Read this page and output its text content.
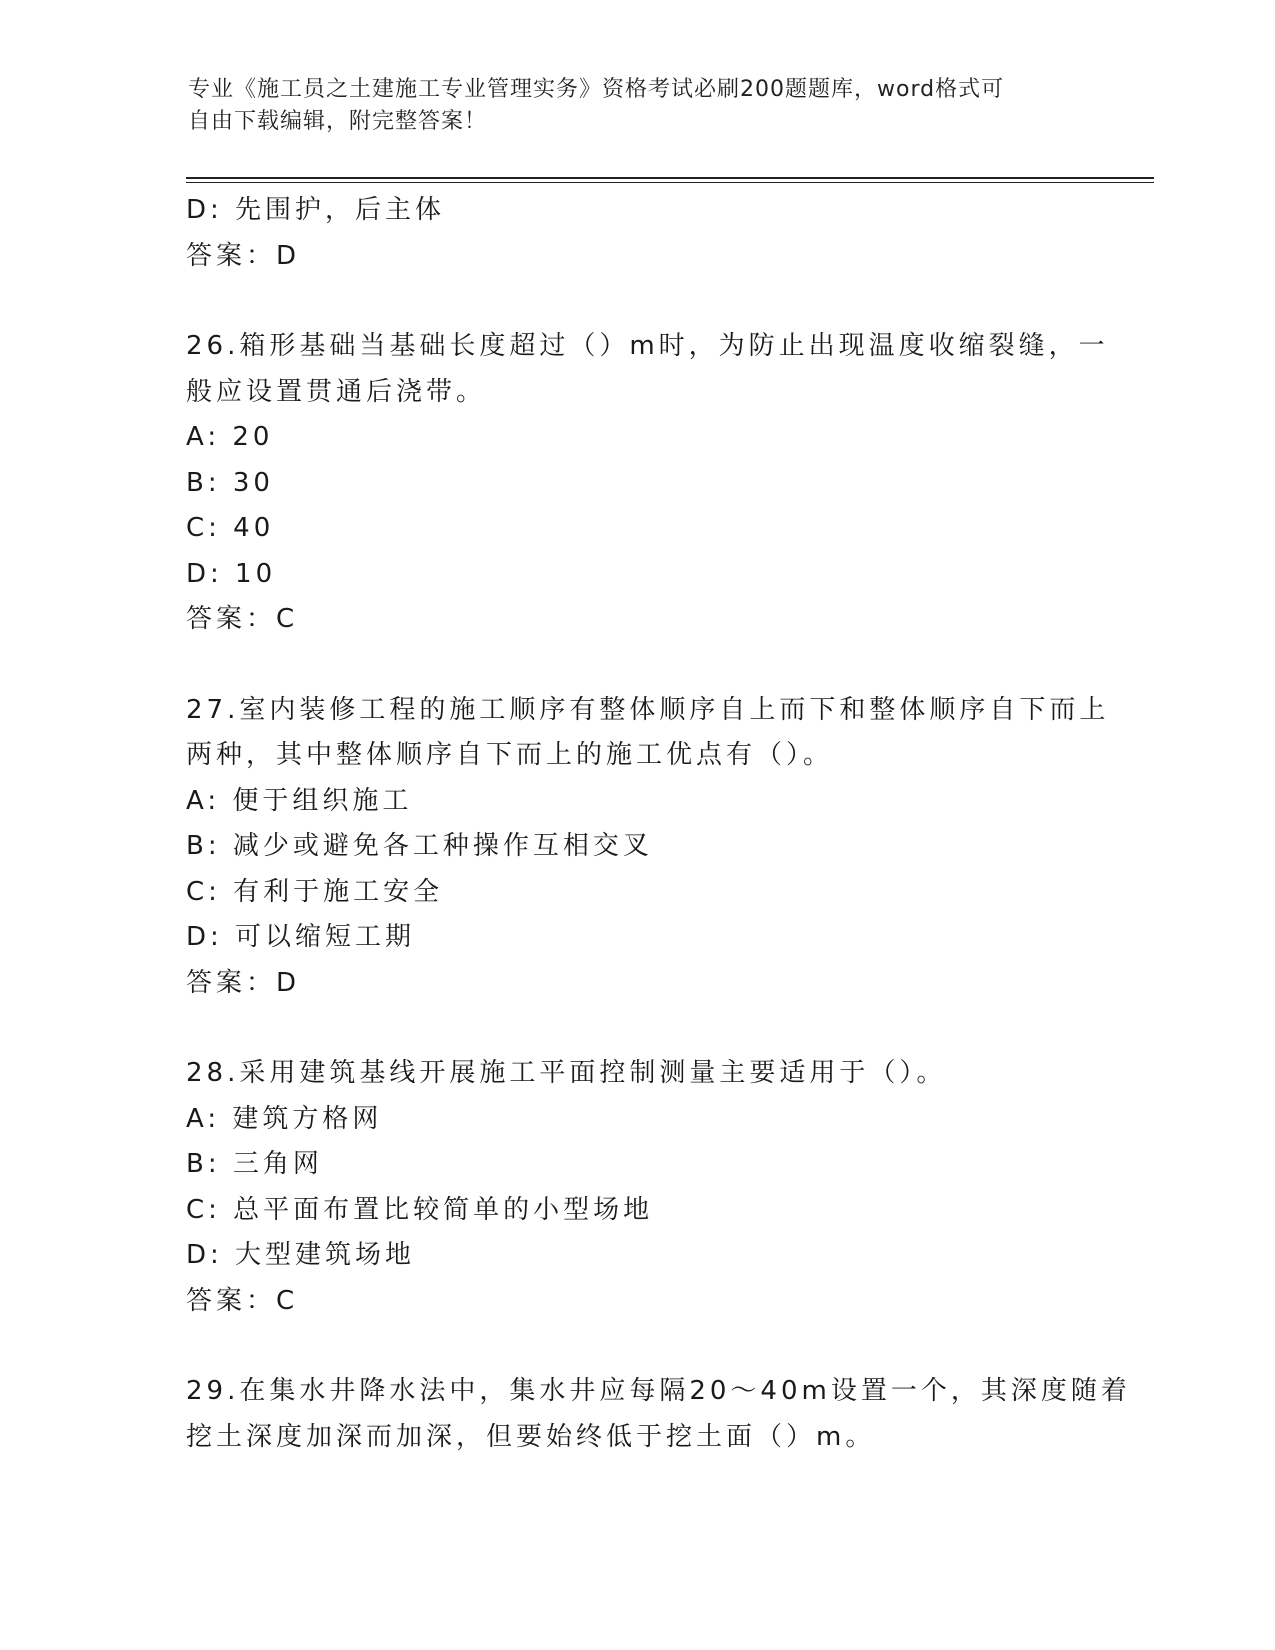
专业《施工员之土建施工专业管理实务》资格考试必刷200题题库，word格式可
自由下载编辑，附完整答案！
D: 先围护，后主体
答案：D
26.箱形基础当基础长度超过（）m时，为防止出现温度收缩裂缝，一
般应设置贯通后浇带。
A: 20
B: 30
C: 40
D: 10
答案：C
27.室内装修工程的施工顺序有整体顺序自上而下和整体顺序自下而上
两种，其中整体顺序自下而上的施工优点有（）。
A: 便于组织施工
B: 减少或避免各工种操作互相交叉
C: 有利于施工安全
D: 可以缩短工期
答案：D
28.采用建筑基线开展施工平面控制测量主要适用于（）。
A: 建筑方格网
B: 三角网
C: 总平面布置比较简单的小型场地
D: 大型建筑场地
答案：C
29.在集水井降水法中，集水井应每隔20～40m设置一个，其深度随着
挖土深度加深而加深，但要始终低于挖土面（）m。
